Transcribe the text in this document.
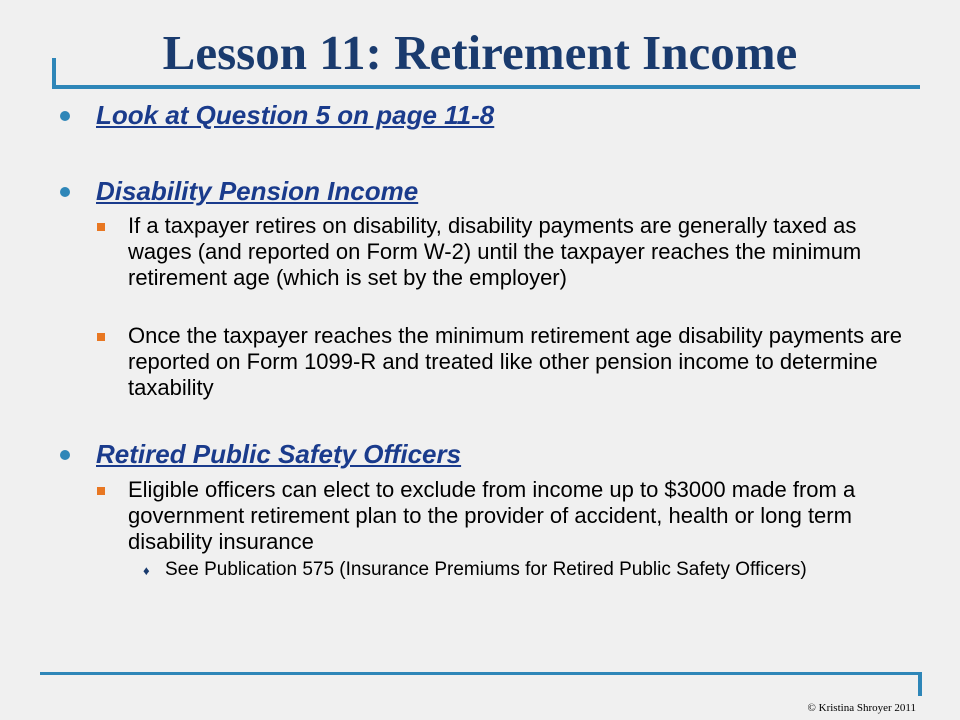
Lesson 11: Retirement Income
Look at Question 5 on page 11-8
Disability Pension Income
If a taxpayer retires on disability, disability payments are generally taxed as wages (and reported on Form W-2) until the taxpayer reaches the minimum retirement age (which is set by the employer)
Once the taxpayer reaches the minimum retirement age disability payments are reported on Form 1099-R and treated like other pension income to determine taxability
Retired Public Safety Officers
Eligible officers can elect to exclude from income up to $3000 made from a government retirement plan to the provider of accident, health or long term disability insurance
♦ See Publication 575 (Insurance Premiums for Retired Public Safety Officers)
© Kristina Shroyer 2011
